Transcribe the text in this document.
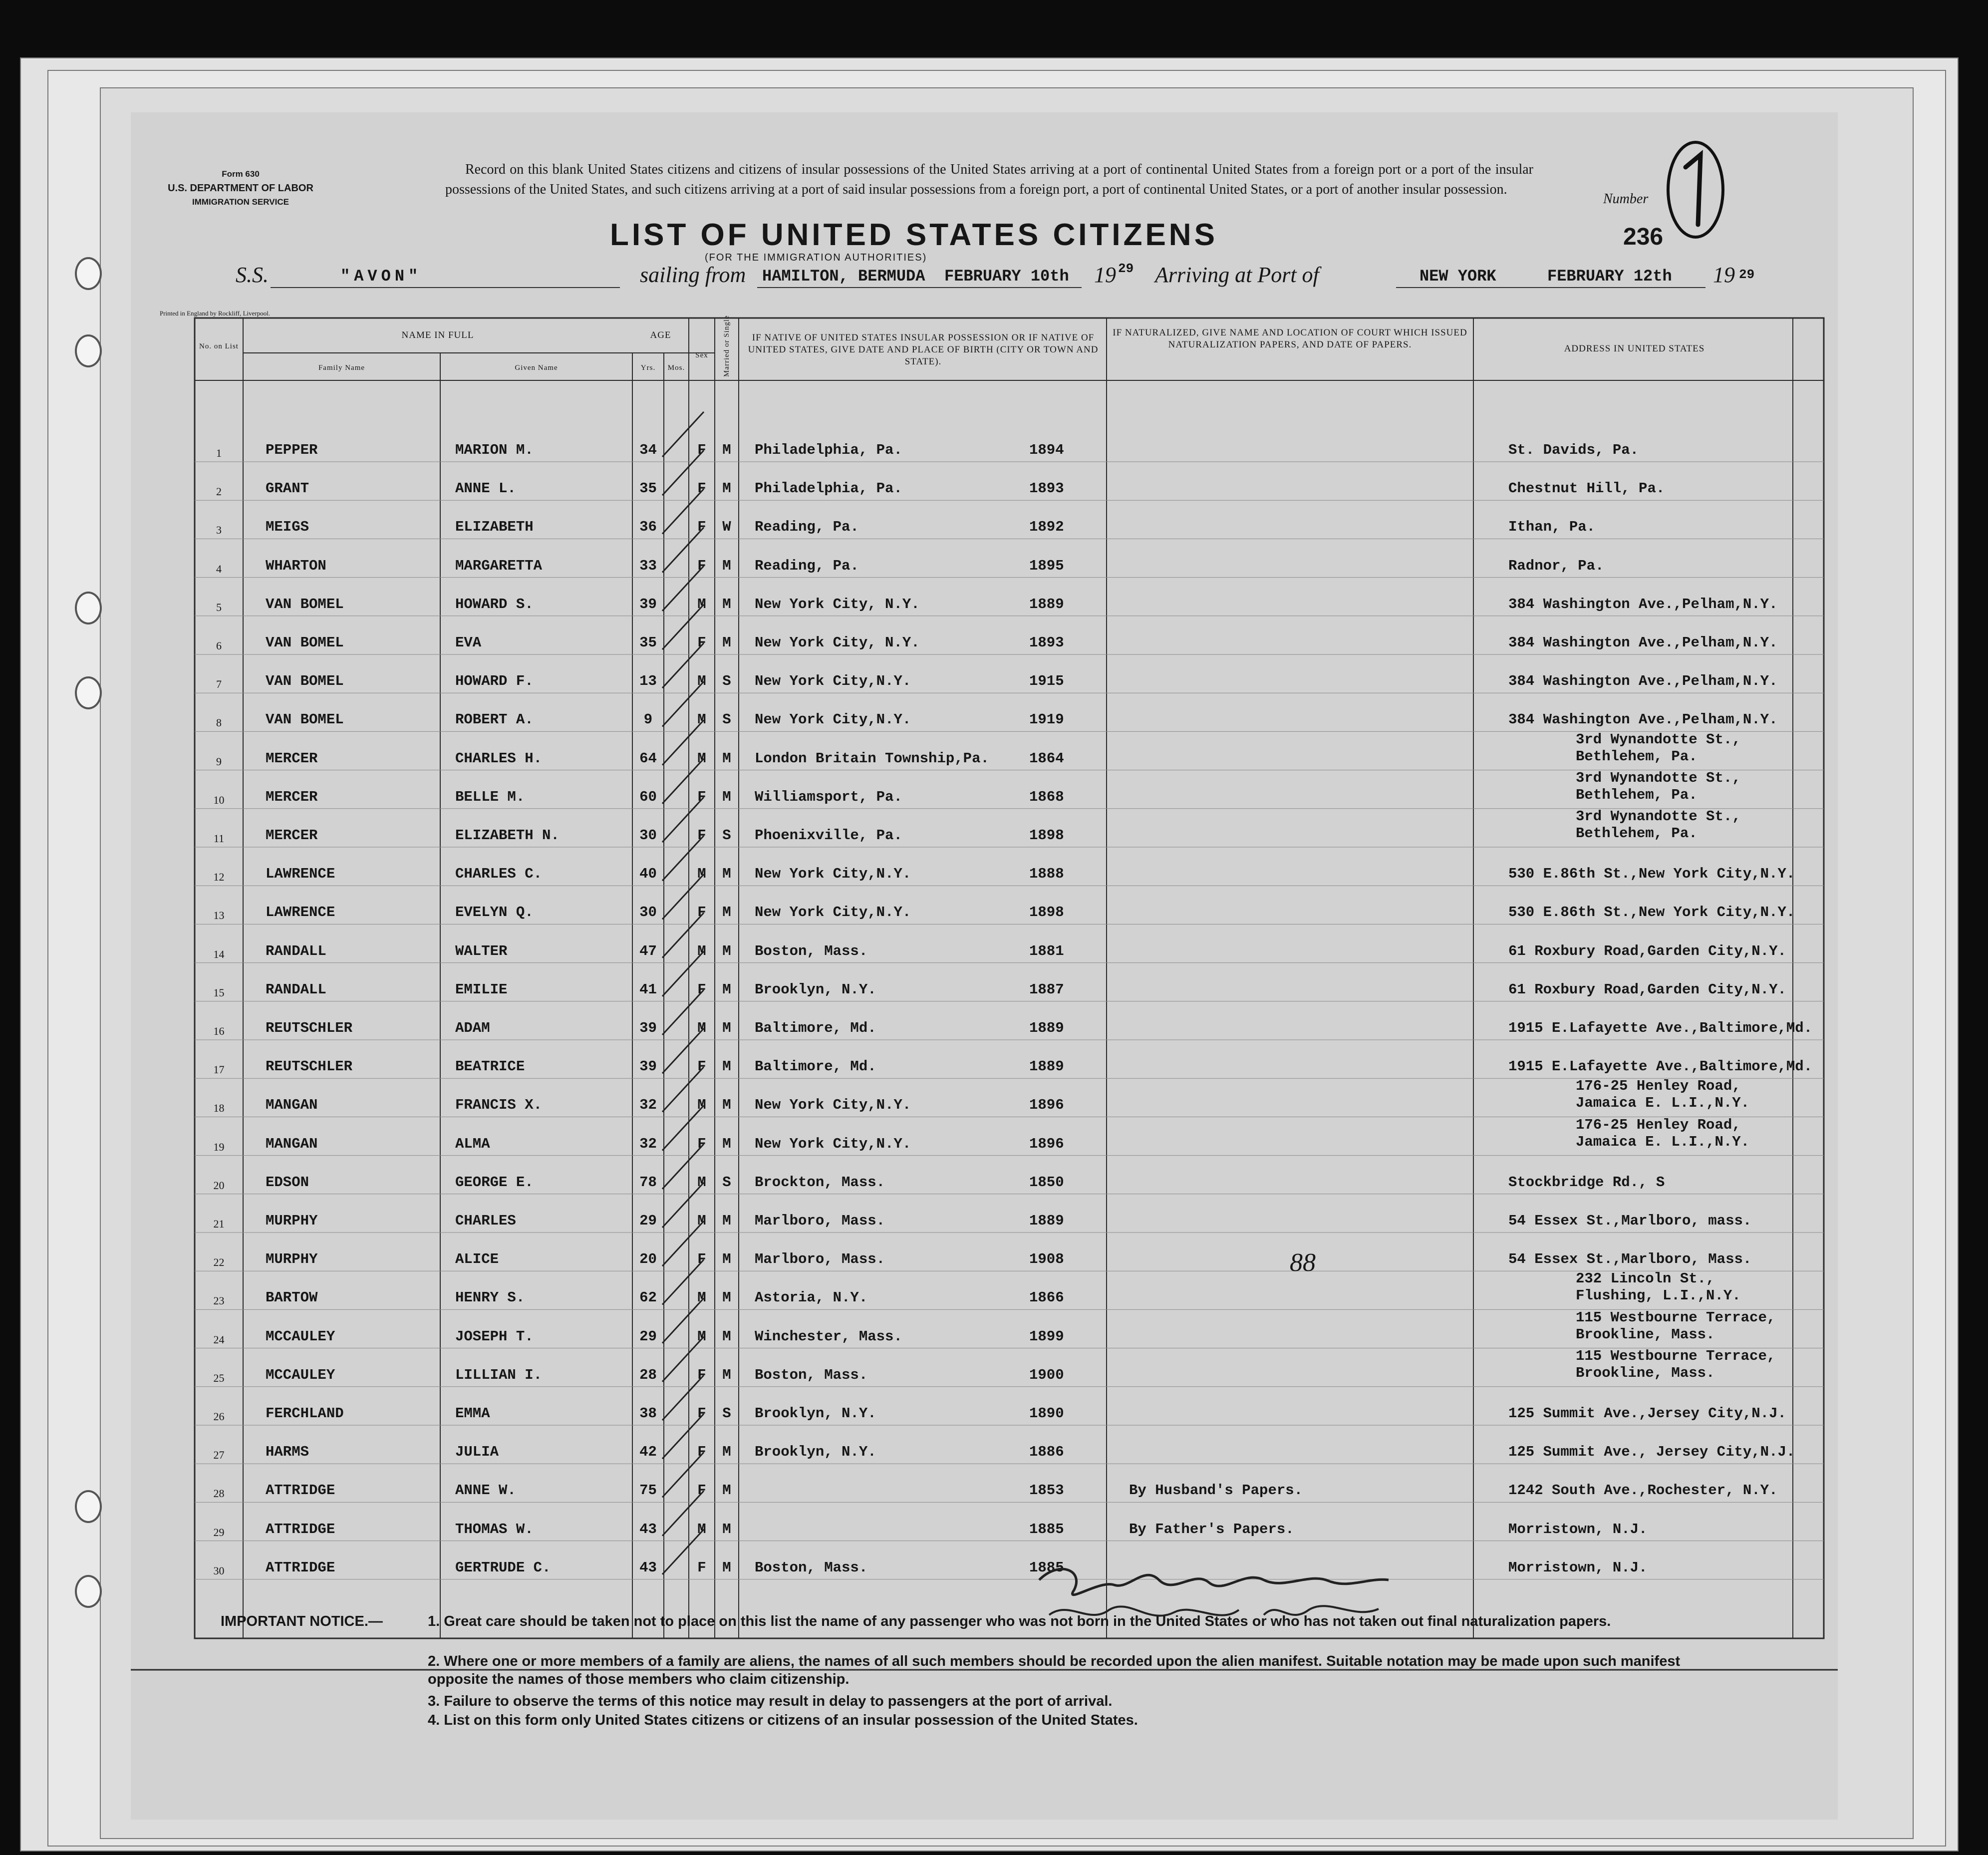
Form 630
U.S. DEPARTMENT OF LABOR
IMMIGRATION SERVICE
Record on this blank United States citizens and citizens of insular possessions of the United States arriving at a port of continental United States from a foreign port or a port of the insular possessions of the United States, and such citizens arriving at a port of said insular possessions from a foreign port, a port of continental United States, or a port of another insular possession.
LIST OF UNITED STATES CITIZENS
(FOR THE IMMIGRATION AUTHORITIES)
Number
236
S.S.	"AVON"	sailing from HAMILTON, BERMUDA FEBRUARY 10th 19 29 Arriving at Port of	NEW YORK	FEBRUARY 12th 19 29
Printed in England by Rockliff, Liverpool.
No. on List
NAME IN FULL
Family Name	Given Name
AGE
Yrs.	Mos.
Sex	Married or Single	IF NATIVE OF UNITED STATES INSULAR POSSESSION OR IF NATIVE OF UNITED STATES, GIVE DATE AND PLACE OF BIRTH (CITY OR TOWN AND STATE).
IF NATURALIZED, GIVE NAME AND LOCATION OF COURT WHICH ISSUED NATURALIZATION PAPERS, AND DATE OF PAPERS.	ADDRESS IN UNITED STATES
1	PEPPER	MARION M.	34	F	M	Philadelphia, Pa.	1894	St. Davids, Pa.
2	GRANT	ANNE L.	35	F	M	Philadelphia, Pa.	1893	Chestnut Hill, Pa.
3	MEIGS	ELIZABETH	36	F	W	Reading, Pa.	1892	Ithan, Pa.
4	WHARTON	MARGARETTA	33	F	M	Reading, Pa.	1895	Radnor, Pa.
5	VAN BOMEL	HOWARD S.	39	M	M	New York City, N.Y.	1889	384 Washington Ave.,Pelham,N.Y.
6	VAN BOMEL	EVA	35	F	M	New York City, N.Y.	1893	384 Washington Ave.,Pelham,N.Y.
7	VAN BOMEL	HOWARD F.	13	M	S	New York City,N.Y.	1915	384 Washington Ave.,Pelham,N.Y.
8	VAN BOMEL	ROBERT A.	9	M	S	New York City,N.Y.	1919	384 Washington Ave.,Pelham,N.Y.
9	MERCER	CHARLES H.	64	M	M	London Britain Township,Pa.	1864
3rd Wynandotte St.,
Bethlehem, Pa.
10	MERCER	BELLE M.	60	F	M	Williamsport, Pa.	1868
3rd Wynandotte St.,
Bethlehem, Pa.
11	MERCER	ELIZABETH N.	30	F	S	Phoenixville, Pa.	1898
3rd Wynandotte St.,
Bethlehem, Pa.
12	LAWRENCE	CHARLES C.	40	M	M	New York City,N.Y.	1888	530 E.86th St.,New York City,N.Y.
13	LAWRENCE	EVELYN Q.	30	F	M	New York City,N.Y.	1898	530 E.86th St.,New York City,N.Y.
14	RANDALL	WALTER	47	M	M	Boston, Mass.	1881	61 Roxbury Road,Garden City,N.Y.
15	RANDALL	EMILIE	41	F	M	Brooklyn, N.Y.	1887	61 Roxbury Road,Garden City,N.Y.
16	REUTSCHLER	ADAM	39	M	M	Baltimore, Md.	1889	1915 E.Lafayette Ave.,Baltimore,Md.
17	REUTSCHLER	BEATRICE	39	F	M	Baltimore, Md.	1889	1915 E.Lafayette Ave.,Baltimore,Md.
18	MANGAN	FRANCIS X.	32	M	M	New York City,N.Y.	1896
176-25 Henley Road,
Jamaica E. L.I.,N.Y.
19	MANGAN	ALMA	32	F	M	New York City,N.Y.	1896
176-25 Henley Road,
Jamaica E. L.I.,N.Y.
20	EDSON	GEORGE E.	78	M	S	Brockton, Mass.	1850	Stockbridge Rd., S
21	MURPHY	CHARLES	29	M	M	Marlboro, Mass.	1889	54 Essex St.,Marlboro, mass.
22	MURPHY	ALICE	20	F	M	Marlboro, Mass.	1908	54 Essex St.,Marlboro, Mass.
23	BARTOW	HENRY S.	62	M	M	Astoria, N.Y.	1866
232 Lincoln St.,
Flushing, L.I.,N.Y.
24	MCCAULEY	JOSEPH T.	29	M	M	Winchester, Mass.	1899
115 Westbourne Terrace,
Brookline, Mass.
25	MCCAULEY	LILLIAN I.	28	F	M	Boston, Mass.	1900
115 Westbourne Terrace,
Brookline, Mass.
26	FERCHLAND	EMMA	38	F	S	Brooklyn, N.Y.	1890	125 Summit Ave.,Jersey City,N.J.
27	HARMS	JULIA	42	F	M	Brooklyn, N.Y.	1886	125 Summit Ave., Jersey City,N.J.
28	ATTRIDGE	ANNE W.	75	F	M	1853	By Husband's Papers.	1242 South Ave.,Rochester, N.Y.
29	ATTRIDGE	THOMAS W.	43	M	M	1885	By Father's Papers.	Morristown, N.J.
30	ATTRIDGE	GERTRUDE C.	43	F	M	Boston, Mass.	1885	Morristown, N.J.
88
IMPORTANT NOTICE.—	1. Great care should be taken not to place on this list the name of any passenger who was not born in the United States or who has not taken out final naturalization papers.
2. Where one or more members of a family are aliens, the names of all such members should be recorded upon the alien manifest. Suitable notation may be made upon such manifest opposite the names of those members who claim citizenship.
3. Failure to observe the terms of this notice may result in delay to passengers at the port of arrival.
4. List on this form only United States citizens or citizens of an insular possession of the United States.
